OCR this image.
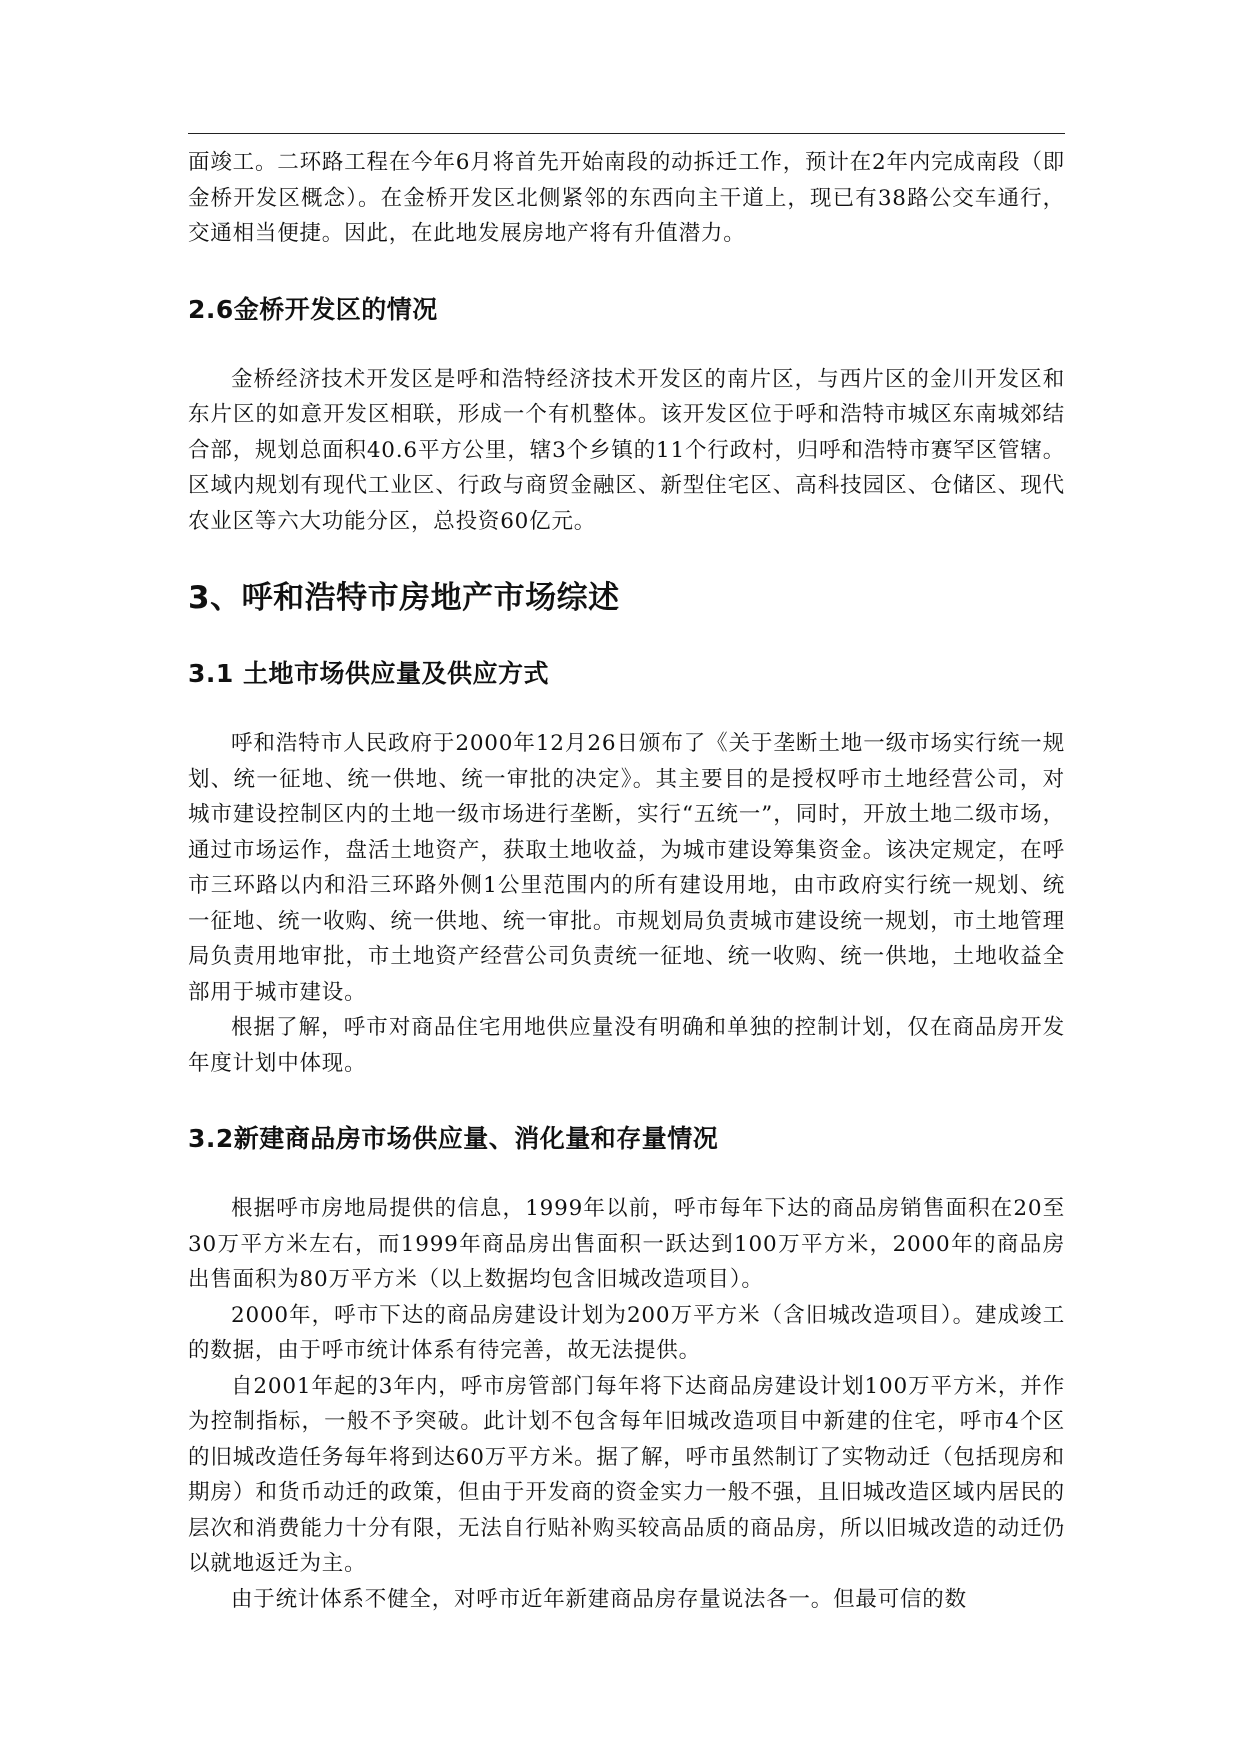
面竣工。二环路工程在今年6月将首先开始南段的动拆迁工作，预计在2年内完成南段（即金桥开发区概念）。在金桥开发区北侧紧邻的东西向主干道上，现已有38路公交车通行，交通相当便捷。因此，在此地发展房地产将有升值潜力。

2.6金桥开发区的情况

金桥经济技术开发区是呼和浩特经济技术开发区的南片区，与西片区的金川开发区和东片区的如意开发区相联，形成一个有机整体。该开发区位于呼和浩特市城区东南城郊结合部，规划总面积40.6平方公里，辖3个乡镇的11个行政村，归呼和浩特市赛罕区管辖。区域内规划有现代工业区、行政与商贸金融区、新型住宅区、高科技园区、仓储区、现代农业区等六大功能分区，总投资60亿元。

3、呼和浩特市房地产市场综述
3.1 土地市场供应量及供应方式

呼和浩特市人民政府于2000年12月26日颁布了《关于垄断土地一级市场实行统一规划、统一征地、统一供地、统一审批的决定》。其主要目的是授权呼市土地经营公司，对城市建设控制区内的土地一级市场进行垄断，实行“五统一”，同时，开放土地二级市场，通过市场运作，盘活土地资产，获取土地收益，为城市建设筹集资金。该决定规定，在呼市三环路以内和沿三环路外侧1公里范围内的所有建设用地，由市政府实行统一规划、统一征地、统一收购、统一供地、统一审批。市规划局负责城市建设统一规划，市土地管理局负责用地审批，市土地资产经营公司负责统一征地、统一收购、统一供地，土地收益全部用于城市建设。

根据了解，呼市对商品住宅用地供应量没有明确和单独的控制计划，仅在商品房开发年度计划中体现。

3.2新建商品房市场供应量、消化量和存量情况

根据呼市房地局提供的信息，1999年以前，呼市每年下达的商品房销售面积在20至30万平方米左右，而1999年商品房出售面积一跃达到100万平方米，2000年的商品房出售面积为80万平方米（以上数据均包含旧城改造项目）。

2000年，呼市下达的商品房建设计划为200万平方米（含旧城改造项目）。建成竣工的数据，由于呼市统计体系有待完善，故无法提供。

自2001年起的3年内，呼市房管部门每年将下达商品房建设计划100万平方米，并作为控制指标，一般不予突破。此计划不包含每年旧城改造项目中新建的住宅，呼市4个区的旧城改造任务每年将到达60万平方米。据了解，呼市虽然制订了实物动迁（包括现房和期房）和货币动迁的政策，但由于开发商的资金实力一般不强，且旧城改造区域内居民的层次和消费能力十分有限，无法自行贴补购买较高品质的商品房，所以旧城改造的动迁仍以就地返迁为主。

由于统计体系不健全，对呼市近年新建商品房存量说法各一。但最可信的数
